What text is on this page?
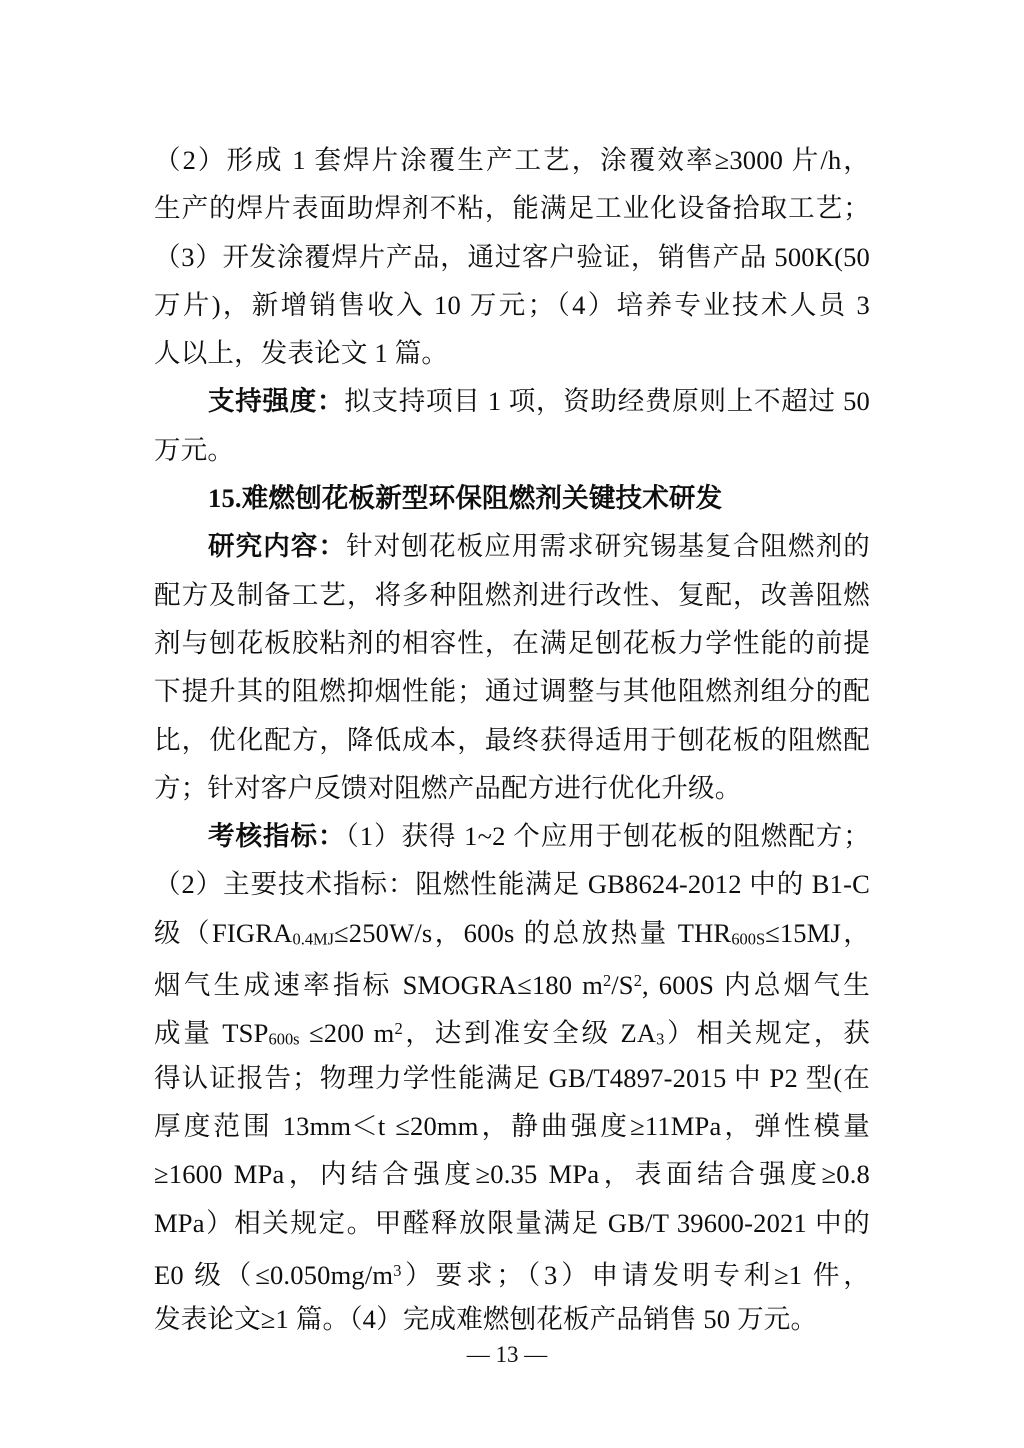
（2）形成 1 套焊片涂覆生产工艺，涂覆效率≥3000 片/h，
生产的焊片表面助焊剂不粘，能满足工业化设备拾取工艺；
（3）开发涂覆焊片产品，通过客户验证，销售产品 500K(50
万片)，新增销售收入 10 万元；（4）培养专业技术人员 3
人以上，发表论文 1 篇。
支持强度：拟支持项目 1 项，资助经费原则上不超过 50
万元。
15.难燃刨花板新型环保阻燃剂关键技术研发
研究内容：针对刨花板应用需求研究锡基复合阻燃剂的
配方及制备工艺，将多种阻燃剂进行改性、复配，改善阻燃
剂与刨花板胶粘剂的相容性，在满足刨花板力学性能的前提
下提升其的阻燃抑烟性能；通过调整与其他阻燃剂组分的配
比，优化配方，降低成本，最终获得适用于刨花板的阻燃配
方；针对客户反馈对阻燃产品配方进行优化升级。
考核指标：（1）获得 1~2 个应用于刨花板的阻燃配方；
（2）主要技术指标：阻燃性能满足 GB8624-2012 中的 B1-C
级（FIGRA0.4MJ≤250W/s，600s 的总放热量 THR600S≤15MJ，
烟气生成速率指标 SMOGRA≤180 $m^2/S^2$, 600S 内总烟气生
成量 TSP600s ≤200 $m^2$，达到准安全级 ZA3）相关规定，获
得认证报告；物理力学性能满足 GB/T4897-2015 中 P2 型(在
厚度范围 13mm＜t ≤20mm，静曲强度≥11MPa，弹性模量
≥1600 MPa，内结合强度≥0.35 MPa，表面结合强度≥0.8
MPa）相关规定。甲醛释放限量满足 GB/T 39600-2021 中的
E0 级$(\le 0.050mg/m^3)$要求；（3）申请发明专利≥1 件，
发表论文≥1 篇。（4）完成难燃刨花板产品销售 50 万元。
— 13 —
